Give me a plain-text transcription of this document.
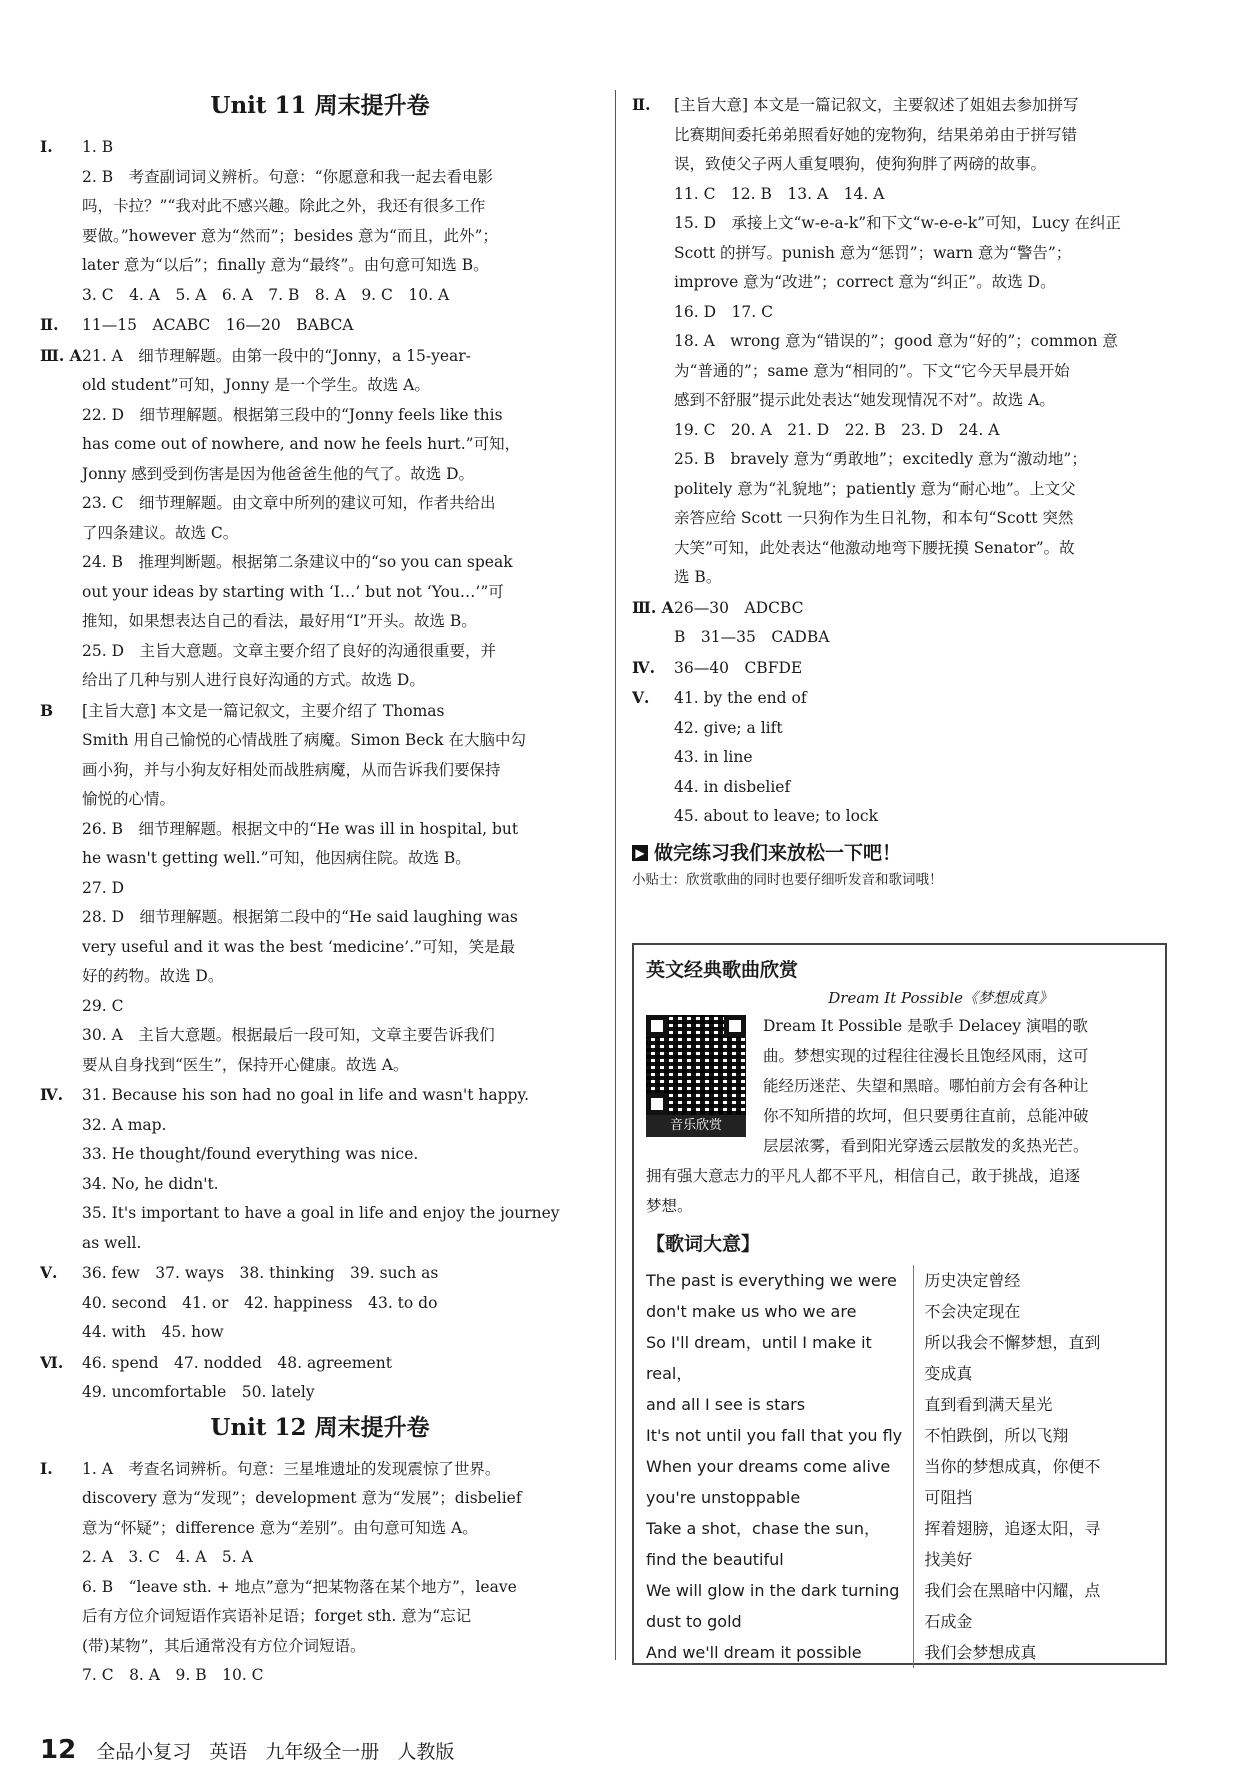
Unit 11 周末提升卷
Ⅰ. 1. B
2. B　考查副词词义辨析。句意：“你愿意和我一起去看电影
吗，卡拉？”“我对此不感兴趣。除此之外，我还有很多工作
要做。”however 意为“然而”；besides 意为“而且，此外”；
later 意为“以后”；finally 意为“最终”。由句意可知选 B。
3. C　4. A　5. A　6. A　7. B　8. A　9. C　10. A
Ⅱ. 11—15　ACABC　16—20　BABCA
Ⅲ. A21. A　细节理解题。由第一段中的“Jonny，a 15-year-
old student”可知，Jonny 是一个学生。故选 A。
22. D　细节理解题。根据第三段中的“Jonny feels like this
has come out of nowhere, and now he feels hurt.”可知，
Jonny 感到受到伤害是因为他爸爸生他的气了。故选 D。
23. C　细节理解题。由文章中所列的建议可知，作者共给出
了四条建议。故选 C。
24. B　推理判断题。根据第二条建议中的“so you can speak
out your ideas by starting with ‘I…’ but not ‘You…’”可
推知，如果想表达自己的看法，最好用“I”开头。故选 B。
25. D　主旨大意题。文章主要介绍了良好的沟通很重要，并
给出了几种与别人进行良好沟通的方式。故选 D。
B [主旨大意] 本文是一篇记叙文，主要介绍了 Thomas
Smith 用自己愉悦的心情战胜了病魔。Simon Beck 在大脑中勾
画小狗，并与小狗友好相处而战胜病魔，从而告诉我们要保持
愉悦的心情。
26. B　细节理解题。根据文中的“He was ill in hospital, but
he wasn't getting well.”可知，他因病住院。故选 B。
27. D
28. D　细节理解题。根据第二段中的“He said laughing was
very useful and it was the best ‘medicine’.”可知，笑是最
好的药物。故选 D。
29. C
30. A　主旨大意题。根据最后一段可知，文章主要告诉我们
要从自身找到“医生”，保持开心健康。故选 A。
Ⅳ. 31. Because his son had no goal in life and wasn't happy.
32. A map.
33. He thought/found everything was nice.
34. No, he didn't.
35. It's important to have a goal in life and enjoy the journey
as well.
Ⅴ. 36. few　37. ways　38. thinking　39. such as
40. second　41. or　42. happiness　43. to do
44. with　45. how
Ⅵ. 46. spend　47. nodded　48. agreement
49. uncomfortable　50. lately
Unit 12 周末提升卷
Ⅰ. 1. A　考查名词辨析。句意：三星堆遗址的发现震惊了世界。
discovery 意为“发现”；development 意为“发展”；disbelief
意为“怀疑”；difference 意为“差别”。由句意可知选 A。
2. A　3. C　4. A　5. A
6. B　“leave sth. + 地点”意为“把某物落在某个地方”，leave
后有方位介词短语作宾语补足语；forget sth. 意为“忘记
(带)某物”，其后通常没有方位介词短语。
7. C　8. A　9. B　10. C
Ⅱ. [主旨大意] 本文是一篇记叙文，主要叙述了姐姐去参加拼写
比赛期间委托弟弟照看好她的宠物狗，结果弟弟由于拼写错
误，致使父子两人重复喂狗，使狗狗胖了两磅的故事。
11. C　12. B　13. A　14. A
15. D　承接上文“w-e-a-k”和下文“w-e-e-k”可知，Lucy 在纠正
Scott 的拼写。punish 意为“惩罚”；warn 意为“警告”；
improve 意为“改进”；correct 意为“纠正”。故选 D。
16. D　17. C
18. A　wrong 意为“错误的”；good 意为“好的”；common 意
为“普通的”；same 意为“相同的”。下文“它今天早晨开始
感到不舒服”提示此处表达“她发现情况不对”。故选 A。
19. C　20. A　21. D　22. B　23. D　24. A
25. B　bravely 意为“勇敢地”；excitedly 意为“激动地”；
politely 意为“礼貌地”；patiently 意为“耐心地”。上文父
亲答应给 Scott 一只狗作为生日礼物，和本句“Scott 突然
大笑”可知，此处表达“他激动地弯下腰抚摸 Senator”。故
选 B。
Ⅲ. A26—30　ADCBC
B　31—35　CADBA
Ⅳ. 36—40　CBFDE
Ⅴ. 41. by the end of
42. give; a lift
43. in line
44. in disbelief
45. about to leave; to lock
▶ 做完练习我们来放松一下吧！
小贴士：欣赏歌曲的同时也要仔细听发音和歌词哦！
英文经典歌曲欣赏
Dream It Possible《梦想成真》
音乐欣赏
Dream It Possible 是歌手 Delacey 演唱的歌
曲。梦想实现的过程往往漫长且饱经风雨，这可
能经历迷茫、失望和黑暗。哪怕前方会有各种让
你不知所措的坎坷，但只要勇往直前，总能冲破
层层浓雾，看到阳光穿透云层散发的炙热光芒。
拥有强大意志力的平凡人都不平凡，相信自己，敢于挑战，追逐
梦想。
【歌词大意】
The past is everything we were
don't make us who we are
So I'll dream，until I make it
real，
and all I see is stars
It's not until you fall that you fly
When your dreams come alive
you're unstoppable
Take a shot，chase the sun，
find the beautiful
We will glow in the dark turning
dust to gold
And we'll dream it possible
历史决定曾经
不会决定现在
所以我会不懈梦想，直到
变成真
直到看到满天星光
不怕跌倒，所以飞翔
当你的梦想成真，你便不
可阻挡
挥着翅膀，追逐太阳，寻
找美好
我们会在黑暗中闪耀，点
石成金
我们会梦想成真
12 全品小复习 英语 九年级全一册 人教版
